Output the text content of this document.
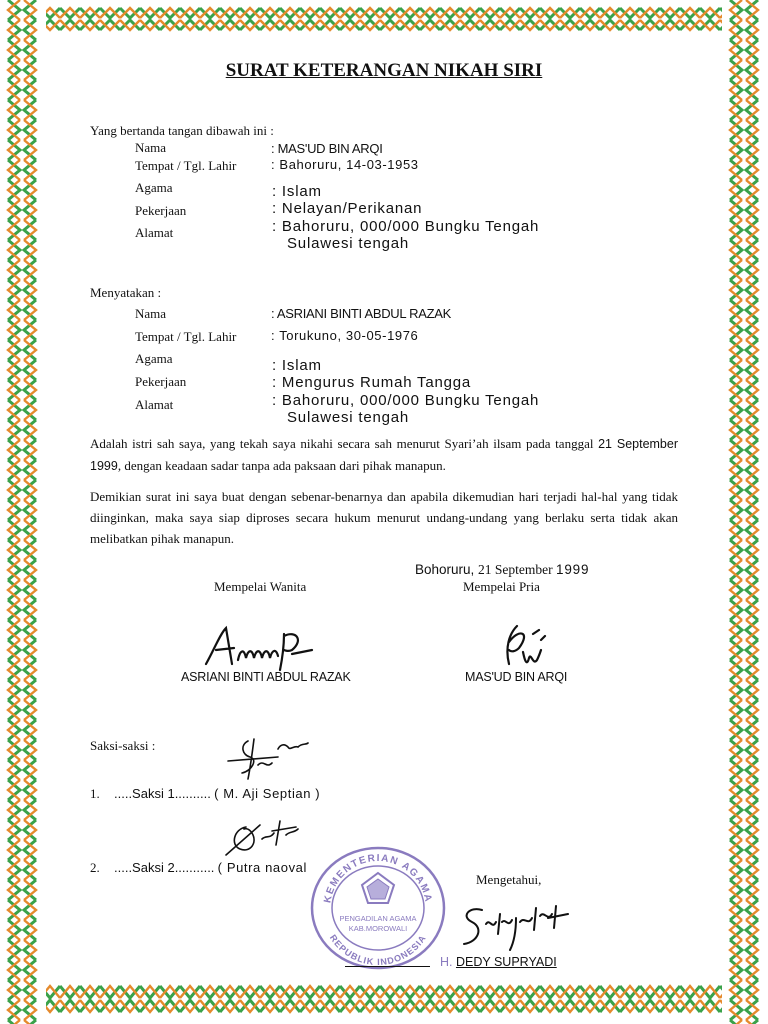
SURAT KETERANGAN NIKAH SIRI
Yang bertanda tangan dibawah ini :
Nama	: MAS'UD BIN ARQI
Tempat / Tgl. Lahir	: Bahoruru, 14-03-1953
Agama	: Islam
Pekerjaan	: Nelayan/Perikanan
Alamat	: Bahoruru, 000/000 Bungku Tengah
Sulawesi tengah
Menyatakan :
Nama	: ASRIANI BINTI ABDUL RAZAK
Tempat / Tgl. Lahir	: Torukuno, 30-05-1976
Agama	: Islam
Pekerjaan	: Mengurus Rumah Tangga
Alamat	: Bahoruru, 000/000 Bungku Tengah
Sulawesi tengah
Adalah istri sah saya, yang tekah saya nikahi secara sah menurut Syari’ah ilsam pada tanggal 21 September 1999, dengan keadaan sadar tanpa ada paksaan dari pihak manapun.
Demikian surat ini saya buat dengan sebenar-benarnya dan apabila dikemudian hari terjadi hal-hal yang tidak diinginkan, maka saya siap diproses secara hukum menurut undang-undang yang berlaku serta tidak akan melibatkan pihak manapun.
Bohoruru, 21 September 1999
Mempelai Wanita	Mempelai Pria
ASRIANI BINTI ABDUL RAZAK	MAS'UD BIN ARQI
Saksi-saksi :
1. .....Saksi 1.......... ( M. Aji Septian )
2. .....Saksi 2........... ( Putra naoval
KEMENTERIAN AGAMA
REPUBLIK INDONESIA
PENGADILAN AGAMA
KAB.MOROWALI
Mengetahui,
H. DEDY SUPRYADI
